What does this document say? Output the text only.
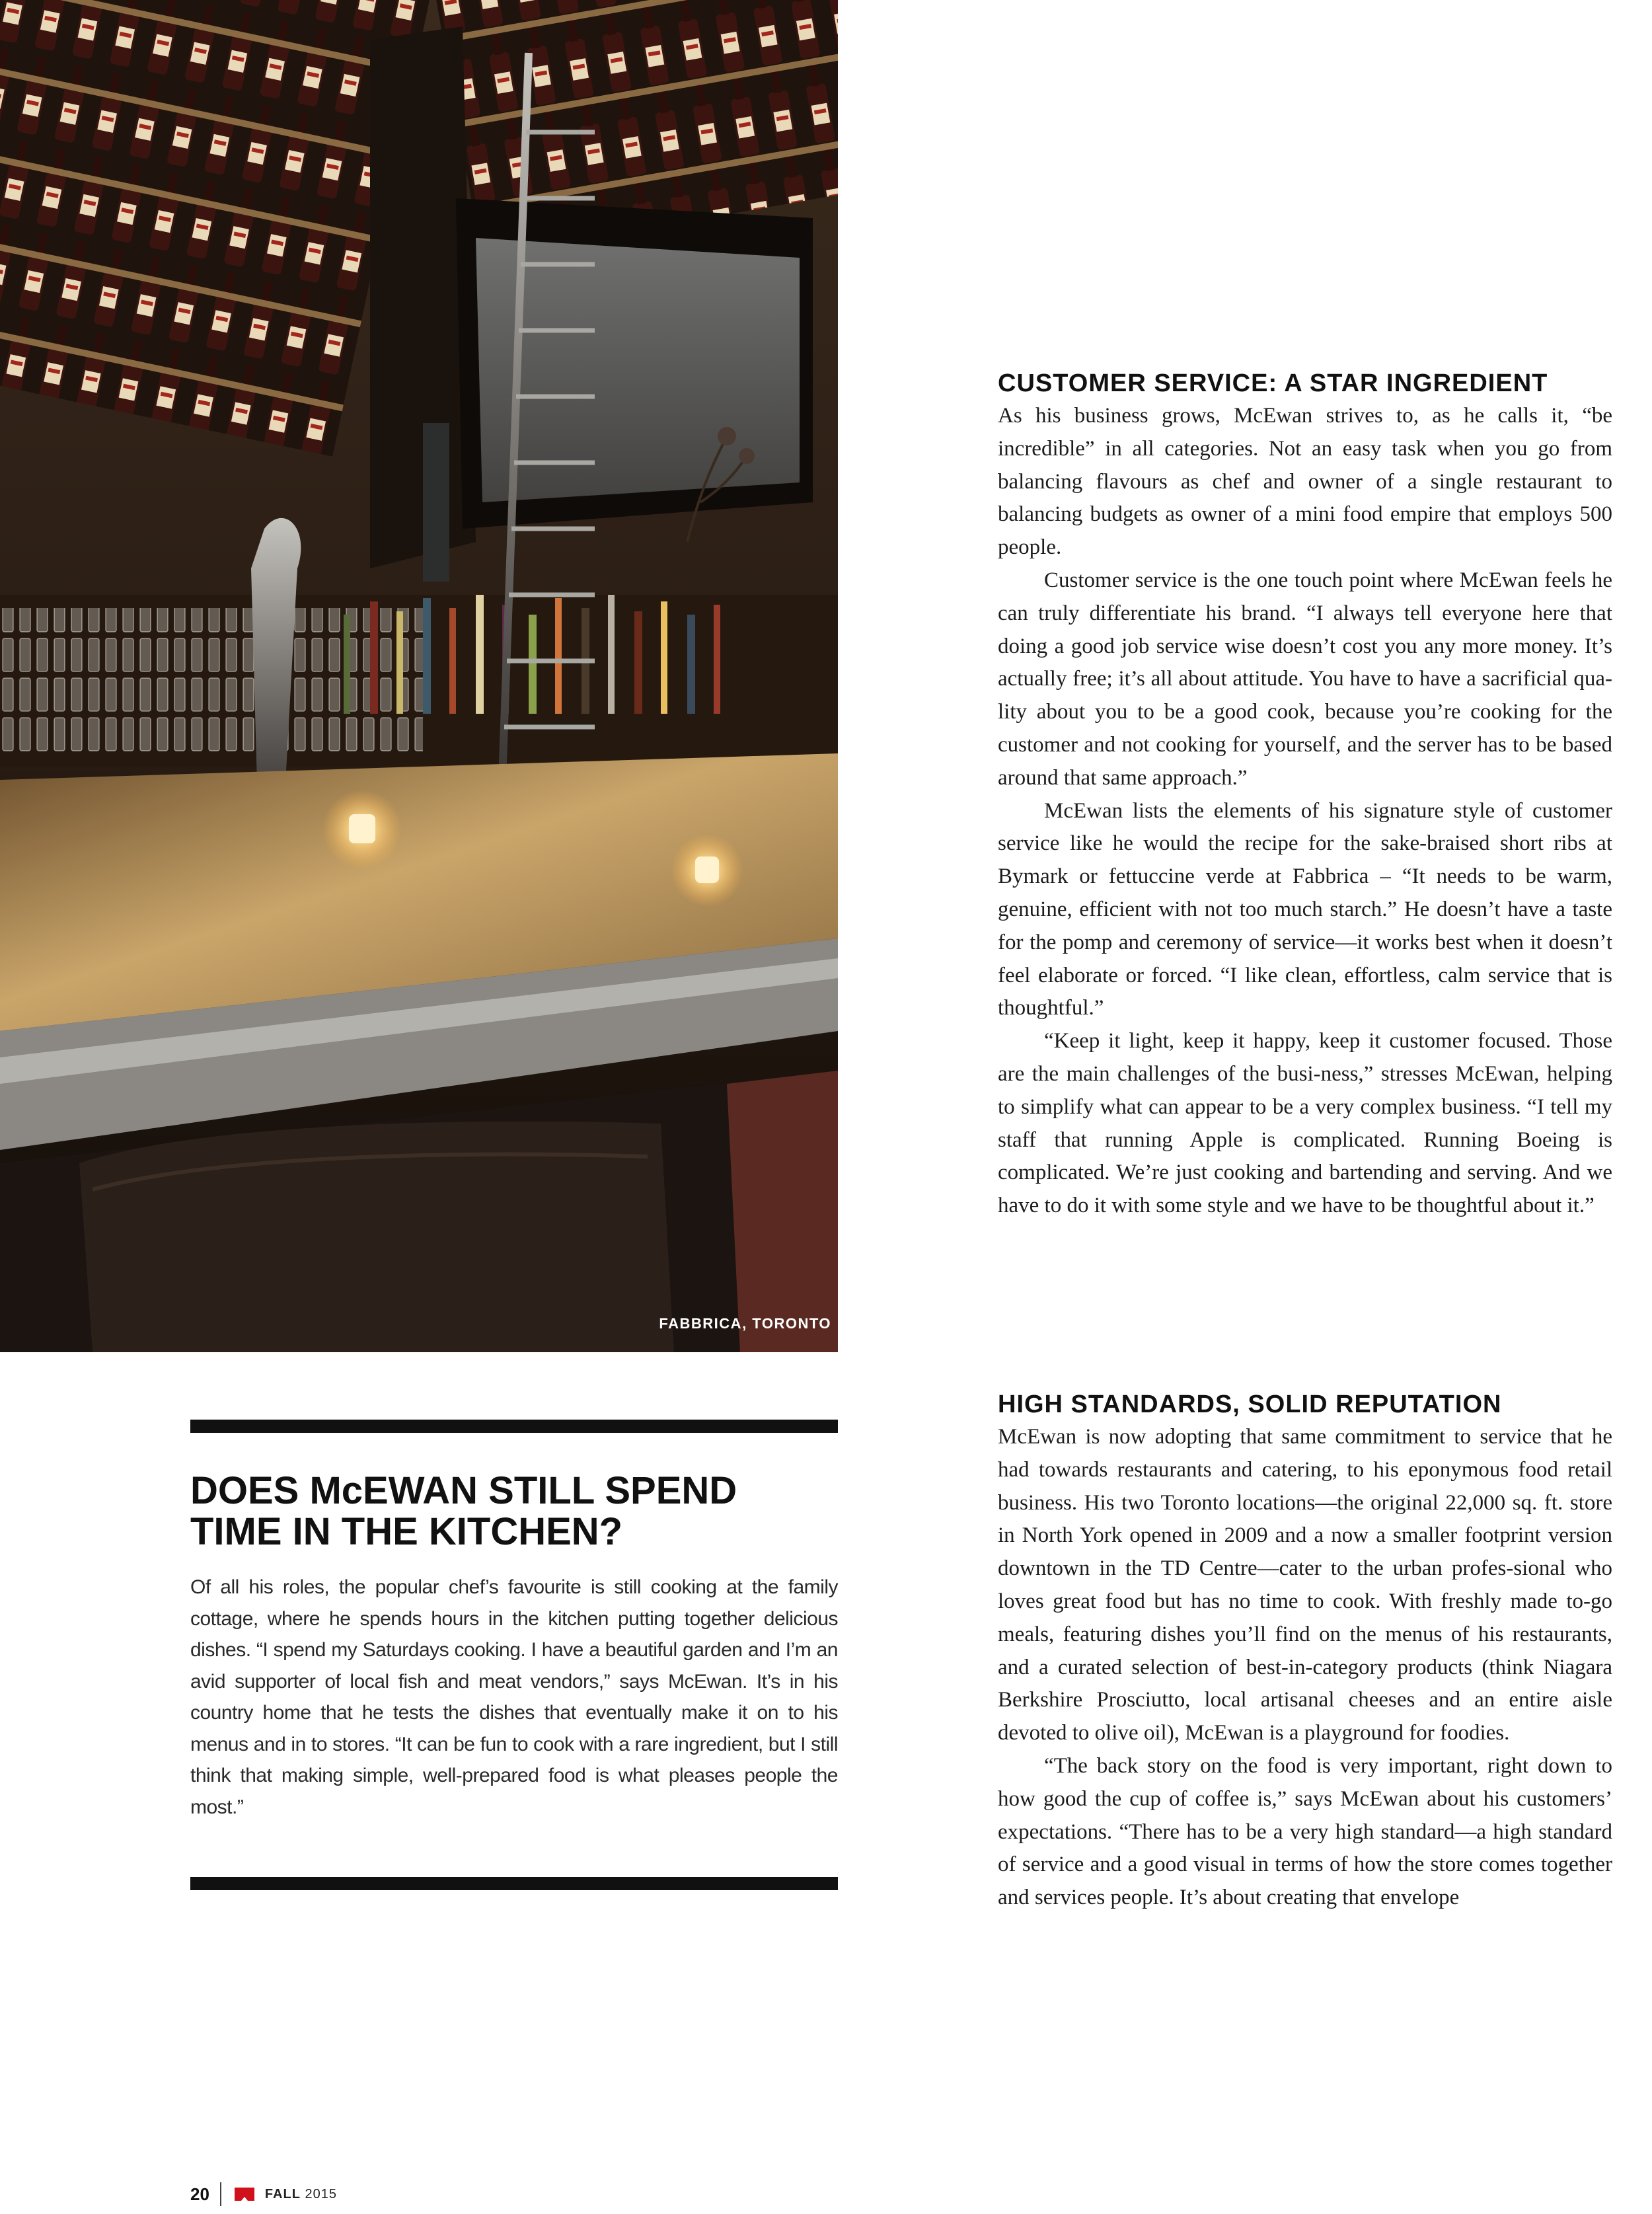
FABBRICA, TORONTO
DOES McEWAN STILL SPEND
TIME IN THE KITCHEN?

Of all his roles, the popular chef’s favourite is still cooking at the family cottage, where he spends hours in the kitchen putting together delicious dishes. “I spend my Saturdays cooking. I have a beautiful garden and I’m an avid supporter of local fish and meat vendors,” says McEwan. It’s in his country home that he tests the dishes that eventually make it on to his menus and in to stores. “It can be fun to cook with a rare ingredient, but I still think that making simple, well-prepared food is what pleases people the most.”

CUSTOMER SERVICE: A STAR INGREDIENT

As his business grows, McEwan strives to, as he calls it, “be incredible” in all categories. Not an easy task when you go from balancing flavours as chef and owner of a single restaurant to balancing budgets as owner of a mini food empire that employs 500 people.

Customer service is the one touch point where McEwan feels he can truly differentiate his brand. “I always tell everyone here that doing a good job service wise doesn’t cost you any more money. It’s actually free; it’s all about attitude. You have to have a sacrificial qua-lity about you to be a good cook, because you’re cooking for the customer and not cooking for yourself, and the server has to be based around that same approach.”

McEwan lists the elements of his signature style of customer service like he would the recipe for the sake-braised short ribs at Bymark or fettuccine verde at Fabbrica – “It needs to be warm, genuine, efficient with not too much starch.” He doesn’t have a taste for the pomp and ceremony of service—it works best when it doesn’t feel elaborate or forced. “I like clean, effortless, calm service that is thoughtful.”

“Keep it light, keep it happy, keep it customer focused. Those are the main challenges of the busi-ness,” stresses McEwan, helping to simplify what can appear to be a very complex business. “I tell my staff that running Apple is complicated. Running Boeing is complicated. We’re just cooking and bartending and serving. And we have to do it with some style and we have to be thoughtful about it.”

HIGH STANDARDS, SOLID REPUTATION

McEwan is now adopting that same commitment to service that he had towards restaurants and catering, to his eponymous food retail business. His two Toronto locations—the original 22,000 sq. ft. store in North York opened in 2009 and a now a smaller footprint version downtown in the TD Centre—cater to the urban profes-sional who loves great food but has no time to cook. With freshly made to-go meals, featuring dishes you’ll find on the menus of his restaurants, and a curated selection of best-in-category products (think Niagara Berkshire Prosciutto, local artisanal cheeses and an entire aisle devoted to olive oil), McEwan is a playground for foodies.

“The back story on the food is very important, right down to how good the cup of coffee is,” says McEwan about his customers’ expectations. “There has to be a very high standard—a high standard of service and a good visual in terms of how the store comes together and services people. It’s about creating that envelope

20	FALL 2015
